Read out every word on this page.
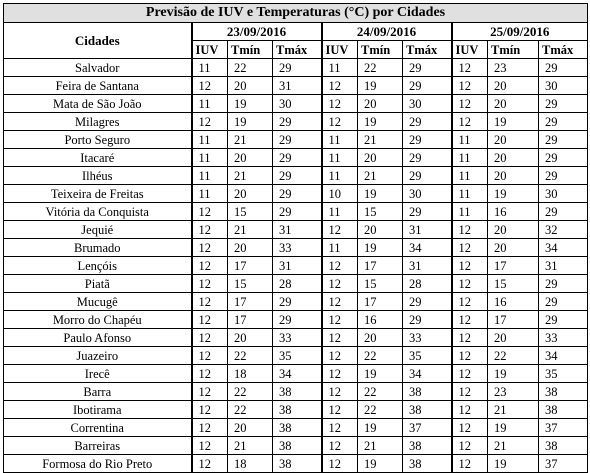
Previsão de IUV e Temperaturas (°C) por Cidades									
Cidades	23/09/2016			24/09/2016			25/09/2016		
	IUV	Tmín	Tmáx	IUV	Tmín	Tmáx	IUV	Tmín	Tmáx
Salvador	11	22	29	11	22	29	12	23	29
Feira de Santana	12	20	31	12	19	29	12	20	30
Mata de São João	11	19	30	12	20	30	12	20	29
Milagres	12	19	29	12	19	29	12	19	29
Porto Seguro	11	21	29	11	21	29	11	20	29
Itacaré	11	20	29	11	20	29	11	20	29
Ilhéus	11	21	29	11	21	29	11	20	29
Teixeira de Freitas	11	20	29	10	19	30	11	19	30
Vitória da Conquista	12	15	29	11	15	29	11	16	29
Jequié	12	21	31	12	20	31	12	20	32
Brumado	12	20	33	11	19	34	12	20	34
Lençóis	12	17	31	12	17	31	12	17	31
Piatã	12	15	28	12	15	28	12	15	29
Mucugê	12	17	29	12	17	29	12	16	29
Morro do Chapéu	12	17	29	12	16	29	12	17	29
Paulo Afonso	12	20	33	12	20	33	12	20	33
Juazeiro	12	22	35	12	22	35	12	22	34
Irecê	12	18	34	12	19	34	12	19	35
Barra	12	22	38	12	22	38	12	23	38
Ibotirama	12	22	38	12	22	38	12	21	38
Correntina	12	20	38	12	19	37	12	19	37
Barreiras	12	21	38	12	21	38	12	21	38
Formosa do Rio Preto	12	18	38	12	19	38	12	19	37
